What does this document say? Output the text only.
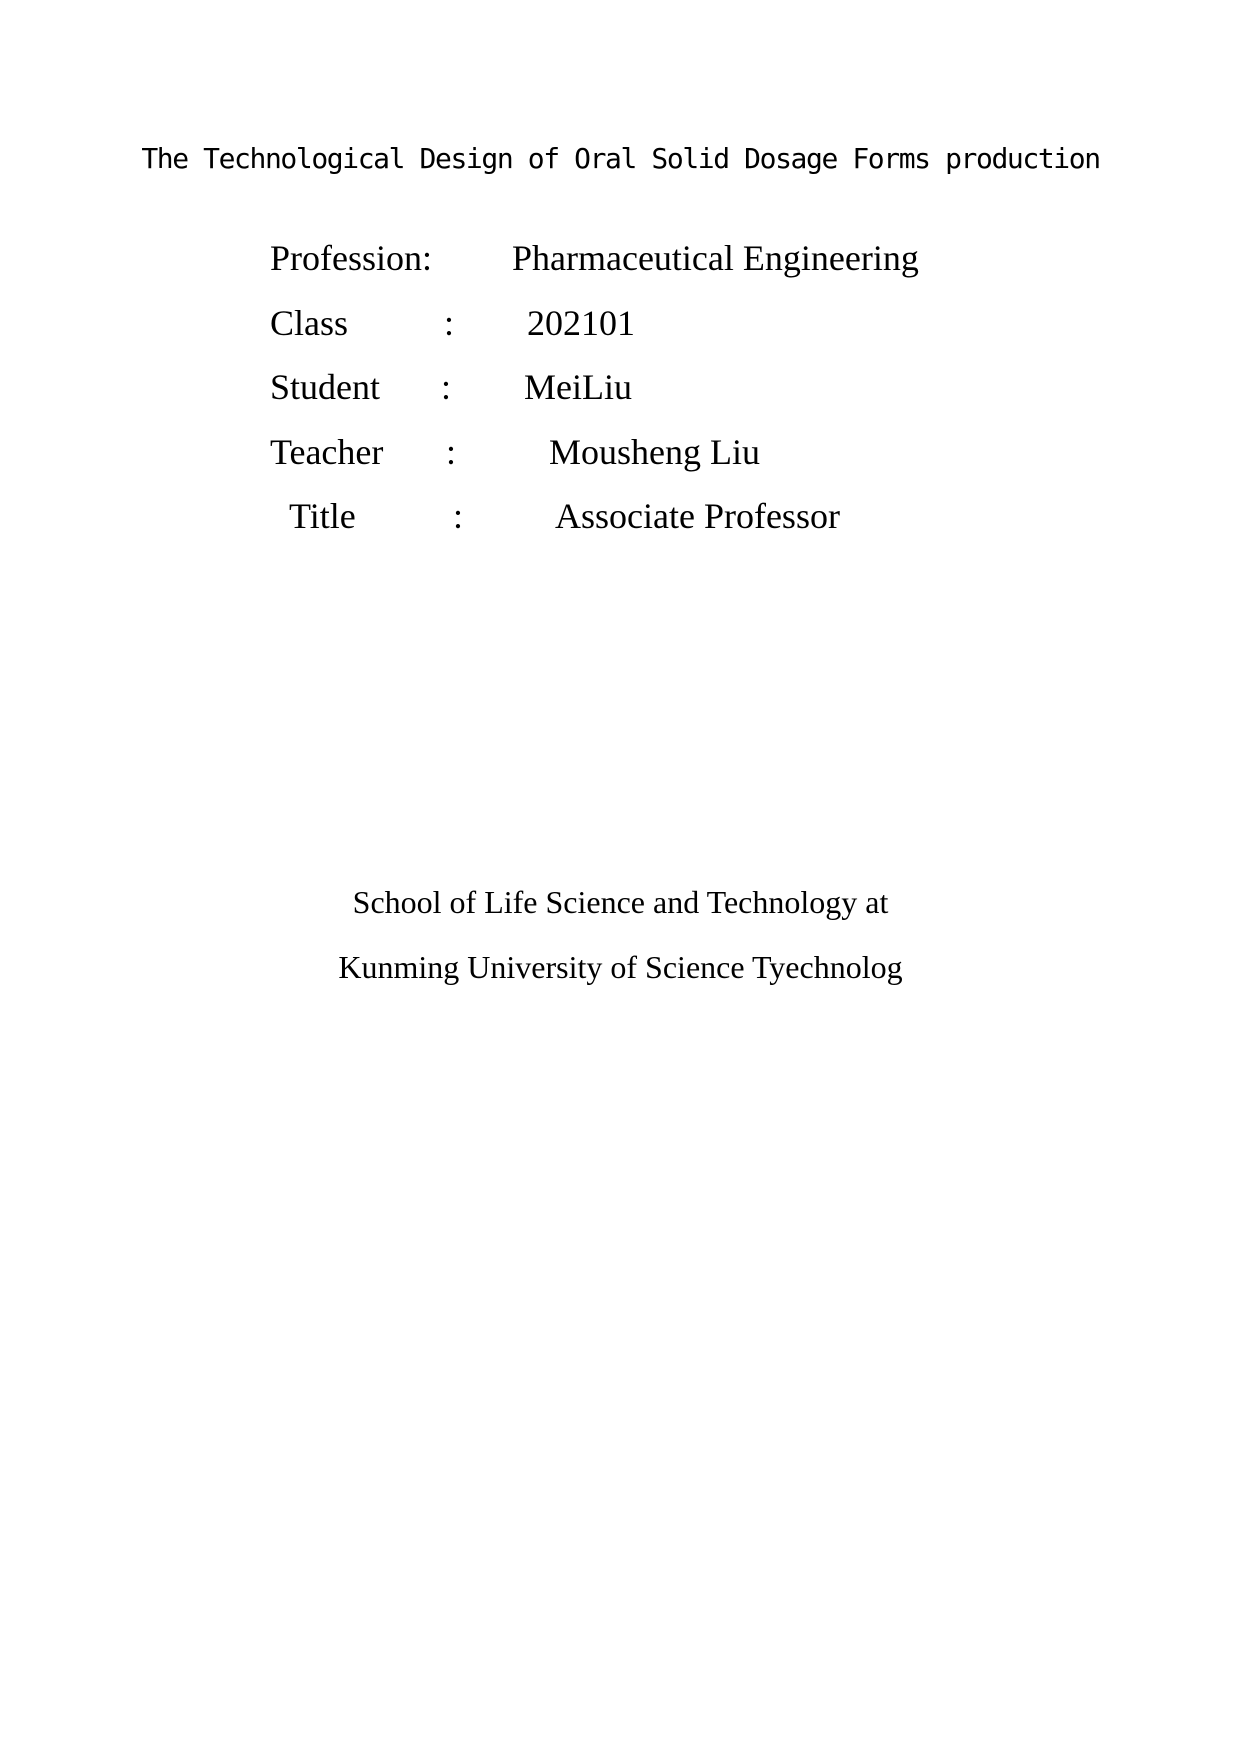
The Technological Design of Oral Solid Dosage Forms production
Profession: Pharmaceutical Engineering
Class	: 202101
Student : MeiLiu
Teacher :	Mousheng Liu
Title	:	Associate Professor
School of Life Science and Technology at
Kunming University of Science Tyechnolog
